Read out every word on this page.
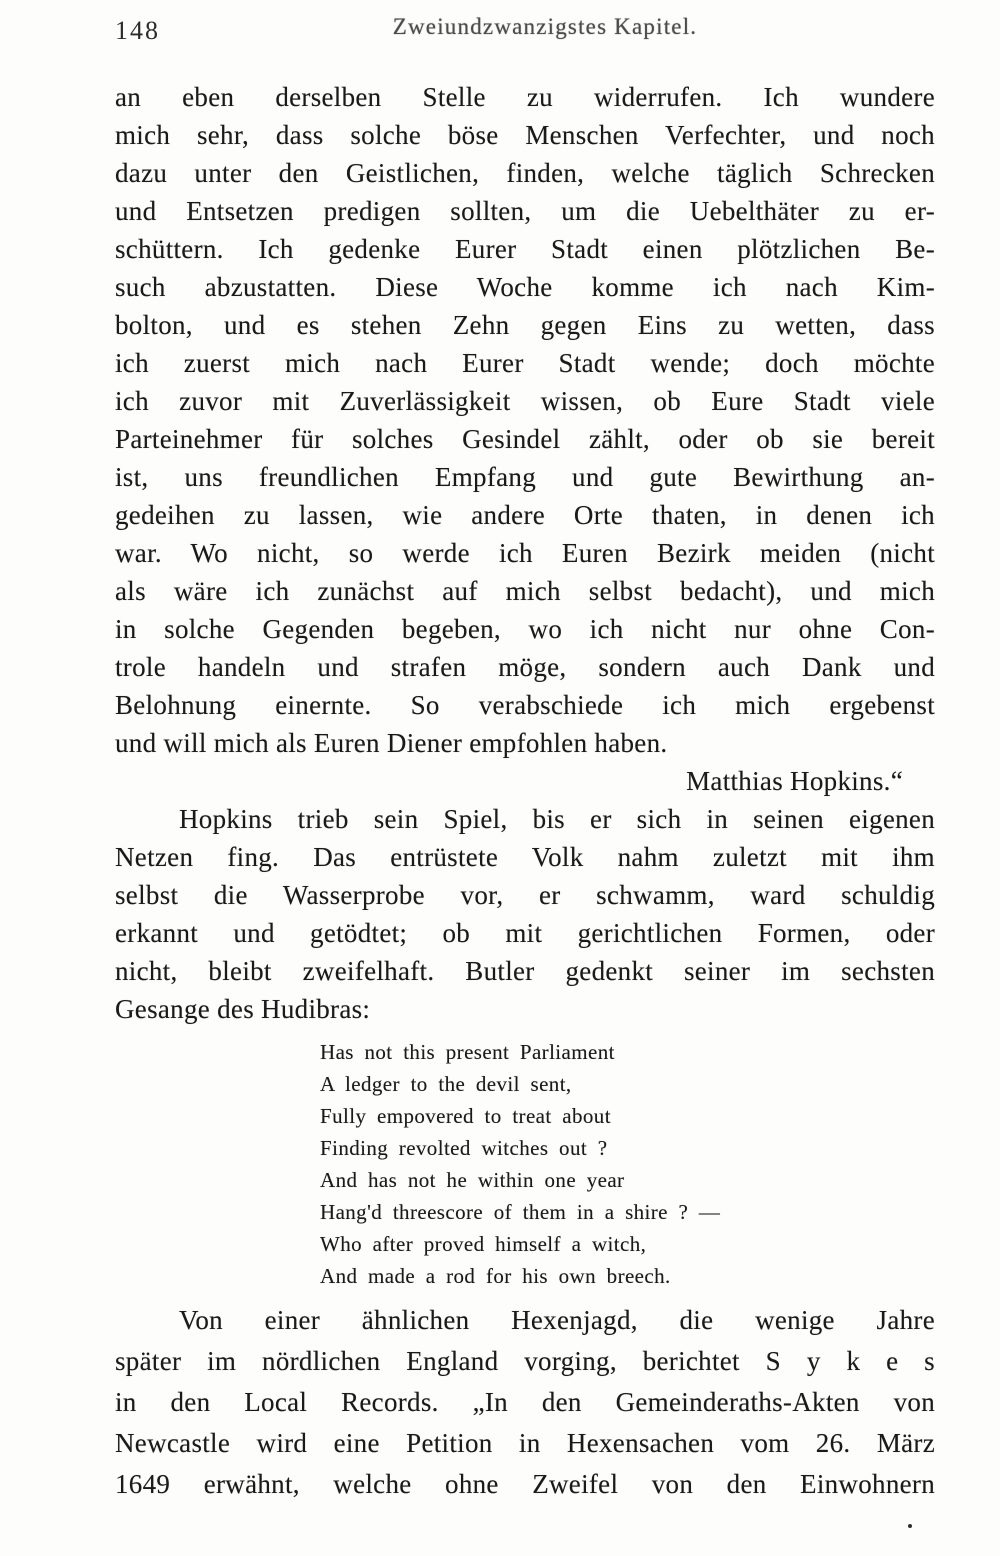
148	Zweiundzwanzigstes Kapitel.
an eben derselben Stelle zu widerrufen. Ich wundere
mich sehr, dass solche böse Menschen Verfechter, und noch
dazu unter den Geistlichen, finden, welche täglich Schrecken
und Entsetzen predigen sollten, um die Uebelthäter zu er-
schüttern. Ich gedenke Eurer Stadt einen plötzlichen Be-
such abzustatten. Diese Woche komme ich nach Kim-
bolton, und es stehen Zehn gegen Eins zu wetten, dass
ich zuerst mich nach Eurer Stadt wende; doch möchte
ich zuvor mit Zuverlässigkeit wissen, ob Eure Stadt viele
Parteinehmer für solches Gesindel zählt, oder ob sie bereit
ist, uns freundlichen Empfang und gute Bewirthung an-
gedeihen zu lassen, wie andere Orte thaten, in denen ich
war. Wo nicht, so werde ich Euren Bezirk meiden (nicht
als wäre ich zunächst auf mich selbst bedacht), und mich
in solche Gegenden begeben, wo ich nicht nur ohne Con-
trole handeln und strafen möge, sondern auch Dank und
Belohnung einernte. So verabschiede ich mich ergebenst
und will mich als Euren Diener empfohlen haben.
Matthias Hopkins.“
Hopkins trieb sein Spiel, bis er sich in seinen eigenen
Netzen fing. Das entrüstete Volk nahm zuletzt mit ihm
selbst die Wasserprobe vor, er schwamm, ward schuldig
erkannt und getödtet; ob mit gerichtlichen Formen, oder
nicht, bleibt zweifelhaft. Butler gedenkt seiner im sechsten
Gesange des Hudibras:
Has not this present Parliament
A ledger to the devil sent,
Fully empovered to treat about
Finding revolted witches out ?
And has not he within one year
Hang'd threescore of them in a shire ? —
Who after proved himself a witch,
And made a rod for his own breech.
Von einer ähnlichen Hexenjagd, die wenige Jahre
später im nördlichen England vorging, berichtet S y k e s
in den Local Records. „In den Gemeinderaths-Akten von
Newcastle wird eine Petition in Hexensachen vom 26. März
1649 erwähnt, welche ohne Zweifel von den Einwohnern
